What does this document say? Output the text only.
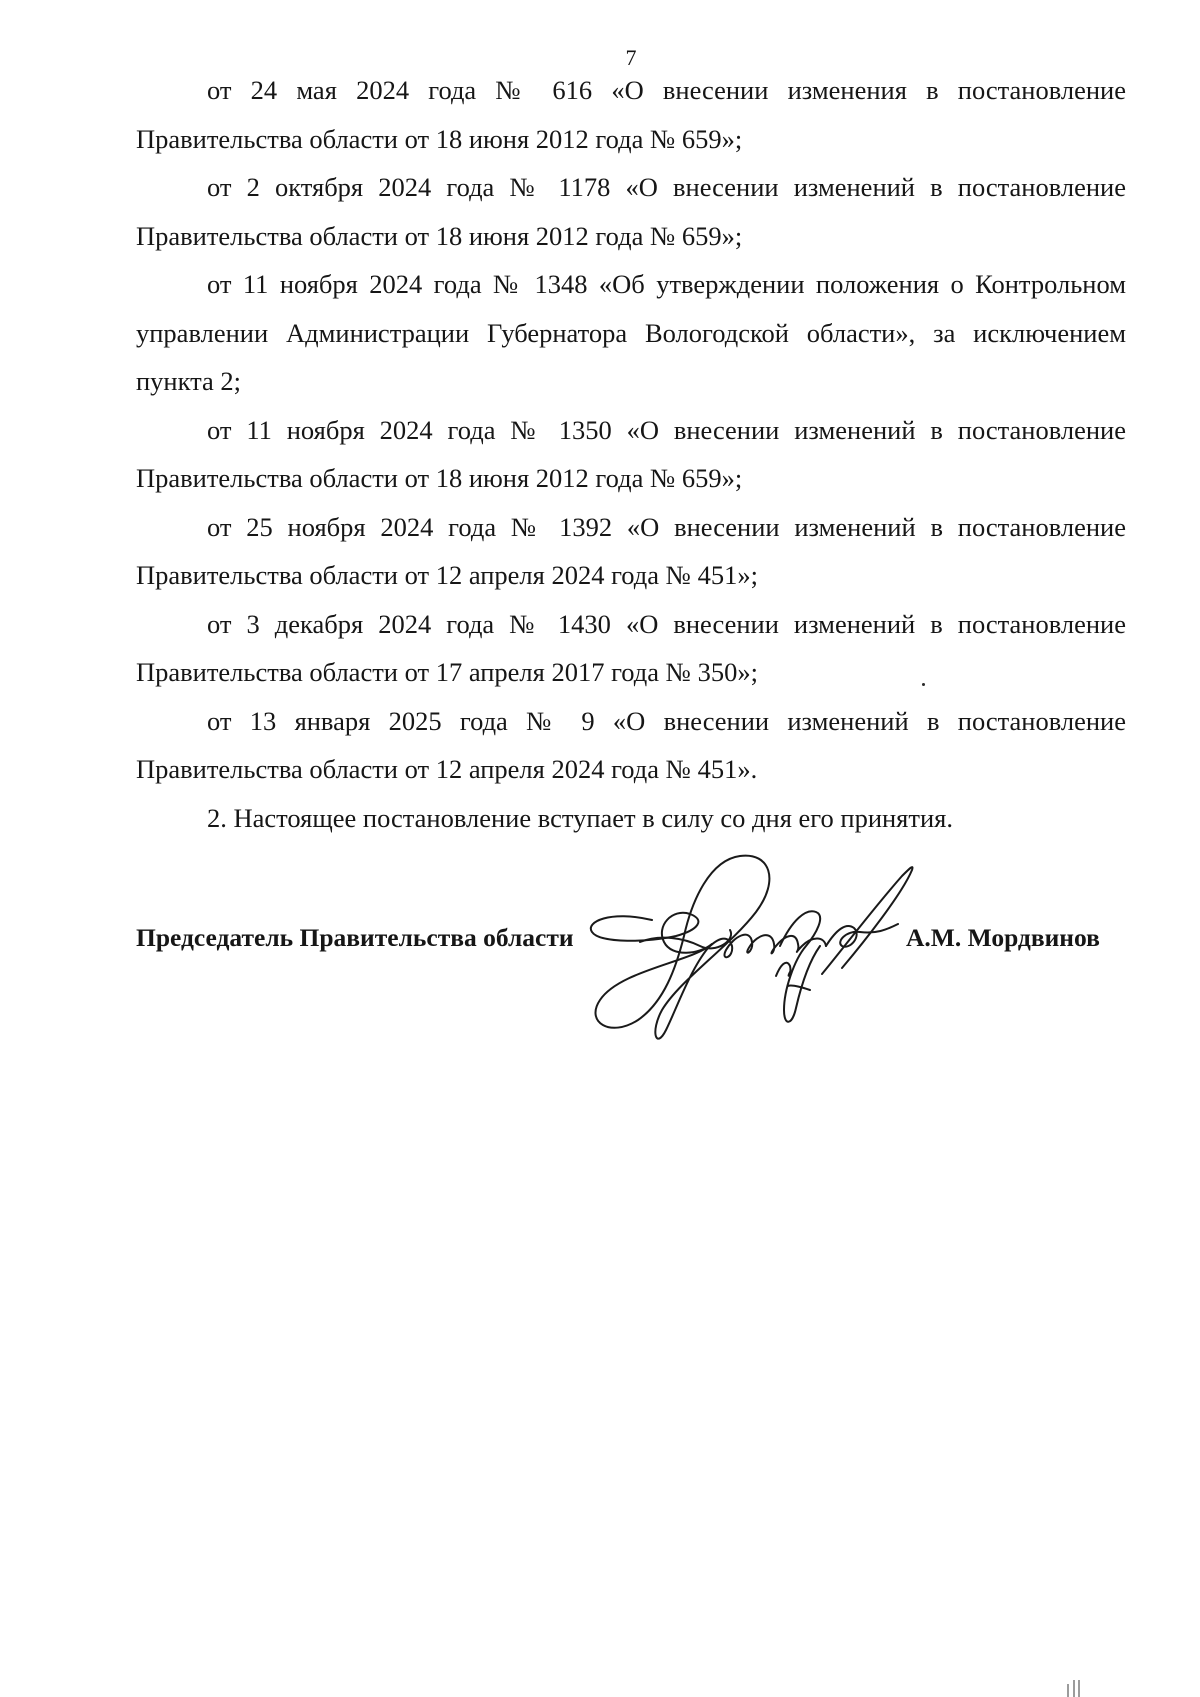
7

от 24 мая 2024 года № 616 «О внесении изменения в постановление Правительства области от 18 июня 2012 года № 659»;

от 2 октября 2024 года № 1178 «О внесении изменений в постановление Правительства области от 18 июня 2012 года № 659»;

от 11 ноября 2024 года № 1348 «Об утверждении положения о Контрольном управлении Администрации Губернатора Вологодской области», за исключением пункта 2;

от 11 ноября 2024 года № 1350 «О внесении изменений в постановление Правительства области от 18 июня 2012 года № 659»;

от 25 ноября 2024 года № 1392 «О внесении изменений в постановление Правительства области от 12 апреля 2024 года № 451»;

от 3 декабря 2024 года № 1430 «О внесении изменений в постановление Правительства области от 17 апреля 2017 года № 350»;

от 13 января 2025 года № 9 «О внесении изменений в постановление Правительства области от 12 апреля 2024 года № 451».

2. Настоящее постановление вступает в силу со дня его принятия.

Председатель Правительства области	А.М. Мордвинов
